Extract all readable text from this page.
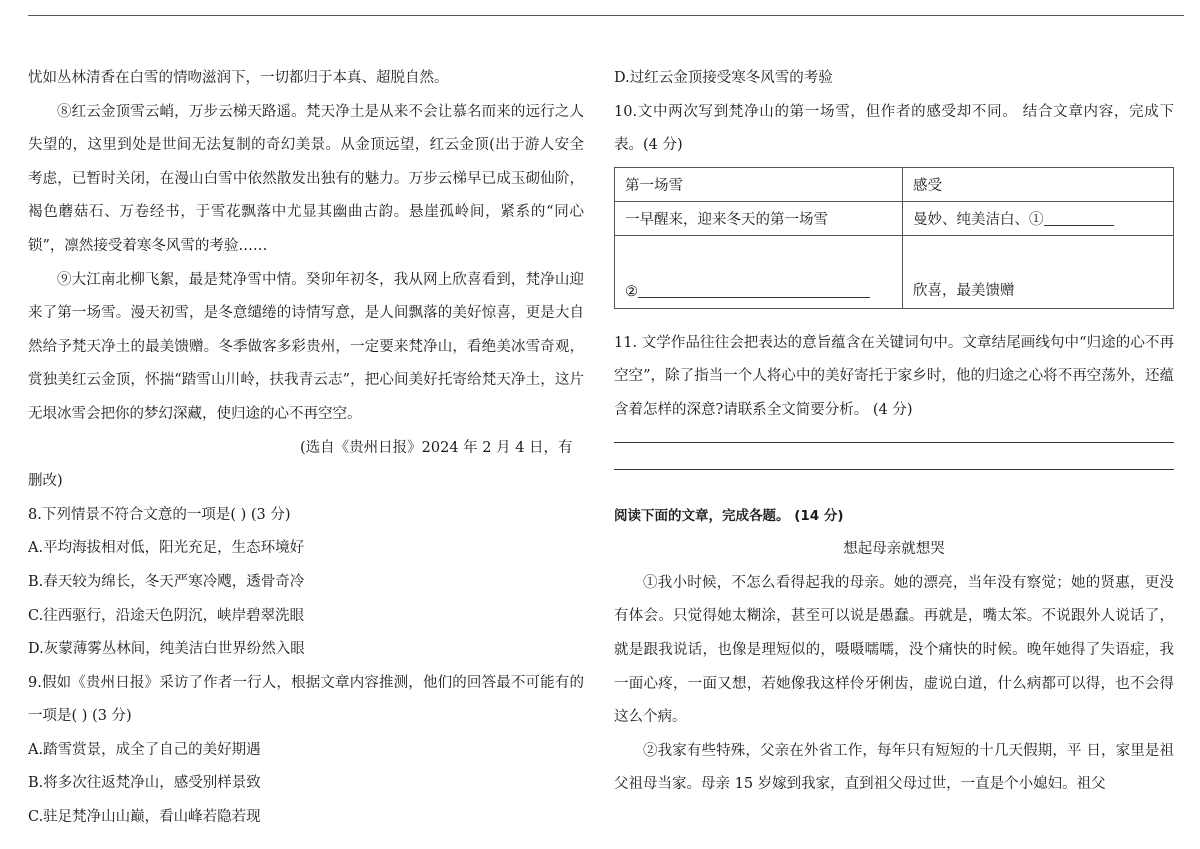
忧如丛林清香在白雪的情吻滋润下，一切都归于本真、超脱自然。

⑧红云金顶雪云峭，万步云梯天路遥。梵天净土是从来不会让慕名而来的远行之人失望的，这里到处是世间无法复制的奇幻美景。从金顶远望，红云金顶(出于游人安全考虑，已暂时关闭，在漫山白雪中依然散发出独有的魅力。万步云梯早已成玉砌仙阶，褐色蘑菇石、万卷经书，于雪花飘落中尤显其幽曲古韵。悬崖孤岭间，紧系的“同心锁”，凛然接受着寒冬风雪的考验……

⑨大江南北柳飞絮，最是梵净雪中情。癸卯年初冬，我从网上欣喜看到，梵净山迎来了第一场雪。漫天初雪，是冬意缱绻的诗情写意，是人间飘落的美好惊喜，更是大自然给予梵天净土的最美馈赠。冬季做客多彩贵州，一定要来梵净山，看绝美冰雪奇观，赏独美红云金顶，怀揣“踏雪山川岭，扶我青云志”，把心间美好托寄给梵天净土，这片无垠冰雪会把你的梦幻深藏，使归途的心不再空空。

(选自《贵州日报》2024 年 2 月 4 日，有删改)

8.下列情景不符合文意的一项是( ) (3 分)
A.平均海拔相对低，阳光充足，生态环境好
B.春天较为绵长，冬天严寒冷飕，透骨奇冷
C.往西驱行，沿途天色阴沉，峡岸碧翠洗眼
D.灰蒙薄雾丛林间，纯美洁白世界纷然入眼

9.假如《贵州日报》采访了作者一行人，根据文章内容推测，他们的回答最不可能有的一项是( ) (3 分)

A.踏雪赏景，成全了自己的美好期遇
B.将多次往返梵净山，感受别样景致
C.驻足梵净山山巅，看山峰若隐若现
D.过红云金顶接受寒冬风雪的考验

10.文中两次写到梵净山的第一场雪，但作者的感受却不同。 结合文章内容，完成下表。(4 分)

第一场雪	感受
一早醒来，迎来冬天的第一场雪	曼妙、纯美洁白、①
②	欣喜，最美馈赠

11. 文学作品往往会把表达的意旨蕴含在关键词句中。文章结尾画线句中“归途的心不再空空”，除了指当一个人将心中的美好寄托于家乡时，他的归途之心将不再空荡外，还蕴含着怎样的深意?请联系全文简要分析。 (4 分)

阅读下面的文章，完成各题。 (14 分)

想起母亲就想哭

①我小时候，不怎么看得起我的母亲。她的漂亮，当年没有察觉；她的贤惠，更没有体会。只觉得她太糊涂，甚至可以说是愚蠢。再就是，嘴太笨。不说跟外人说话了，就是跟我说话，也像是理短似的，嗫嗫嚅嚅，没个痛快的时候。晚年她得了失语症，我一面心疼，一面又想，若她像我这样伶牙俐齿，虚说白道，什么病都可以得，也不会得这么个病。

②我家有些特殊，父亲在外省工作，每年只有短短的十几天假期，平 日，家里是祖父祖母当家。母亲 15 岁嫁到我家，直到祖父母过世，一直是个小媳妇。祖父
